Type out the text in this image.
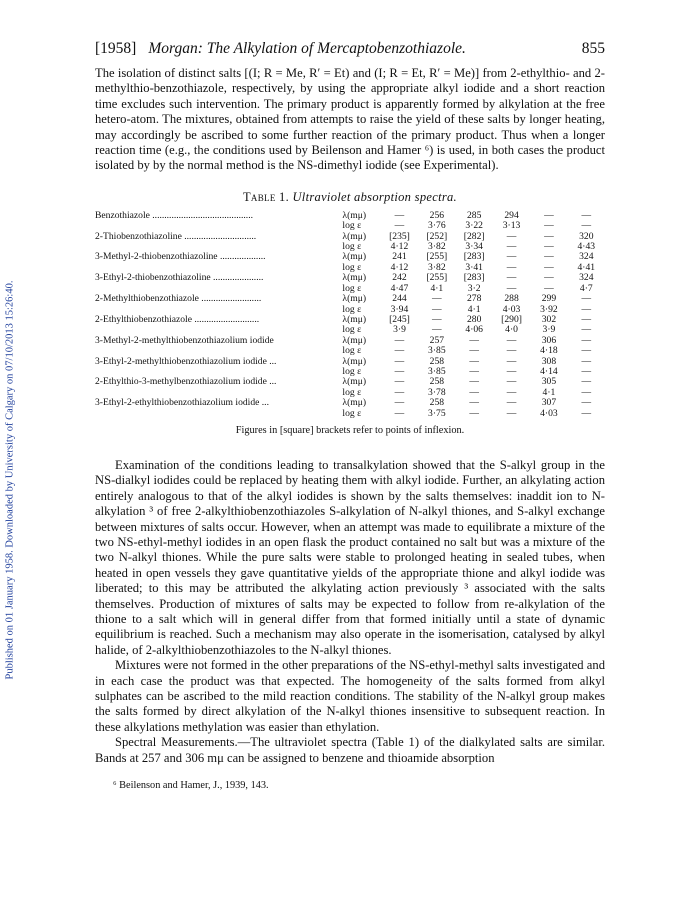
Published on 01 January 1958. Downloaded by University of Calgary on 07/10/2013 15:26:40.
[1958] Morgan: The Alkylation of Mercaptobenzothiazole.	855

The isolation of distinct salts [(I; R = Me, R′ = Et) and (I; R = Et, R′ = Me)] from 2-ethylthio- and 2-methylthio-benzothiazole, respectively, by using the appropriate alkyl iodide and a short reaction time excludes such intervention. The primary product is apparently formed by alkylation at the free hetero-atom. The mixtures, obtained from attempts to raise the yield of these salts by longer heating, may accordingly be ascribed to some further reaction of the primary product. Thus when a longer reaction time (e.g., the conditions used by Beilenson and Hamer ⁶) is used, in both cases the product isolated by by the normal method is the NS-dimethyl iodide (see Experimental).

Table 1. Ultraviolet absorption spectra.
Benzothiazole ..........................................	λ(mμ)	—	256	285	294	—	—
	log ε	—	3·76	3·22	3·13	—	—
2-Thiobenzothiazoline ..............................	λ(mμ)	[235]	[252]	[282]	—	—	320
	log ε	4·12	3·82	3·34	—	—	4·43
3-Methyl-2-thiobenzothiazoline ...................	λ(mμ)	241	[255]	[283]	—	—	324
	log ε	4·12	3·82	3·41	—	—	4·41
3-Ethyl-2-thiobenzothiazoline .....................	λ(mμ)	242	[255]	[283]	—	—	324
	log ε	4·47	4·1	3·2	—	—	4·7
2-Methylthiobenzothiazole .........................	λ(mμ)	244	—	278	288	299	—
	log ε	3·94	—	4·1	4·03	3·92	—
2-Ethylthiobenzothiazole ...........................	λ(mμ)	[245]	—	280	[290]	302	—
	log ε	3·9	—	4·06	4·0	3·9	—
3-Methyl-2-methylthiobenzothiazolium iodide	λ(mμ)	—	257	—	—	306	—
	log ε	—	3·85	—	—	4·18	—
3-Ethyl-2-methylthiobenzothiazolium iodide ...	λ(mμ)	—	258	—	—	308	—
	log ε	—	3·85	—	—	4·14	—
2-Ethylthio-3-methylbenzothiazolium iodide ...	λ(mμ)	—	258	—	—	305	—
	log ε	—	3·78	—	—	4·1	—
3-Ethyl-2-ethylthiobenzothiazolium iodide ...	λ(mμ)	—	258	—	—	307	—
	log ε	—	3·75	—	—	4·03	—
Figures in [square] brackets refer to points of inflexion.

Examination of the conditions leading to transalkylation showed that the S-alkyl group in the NS-dialkyl iodides could be replaced by heating them with alkyl iodide. Further, an alkylating action entirely analogous to that of the alkyl iodides is shown by the salts themselves: inaddit ion to N-alkylation ³ of free 2-alkylthiobenzothiazoles S-alkylation of N-alkyl thiones, and S-alkyl exchange between mixtures of salts occur. However, when an attempt was made to equilibrate a mixture of the two NS-ethyl-methyl iodides in an open flask the product contained no salt but was a mixture of the two N-alkyl thiones. While the pure salts were stable to prolonged heating in sealed tubes, when heated in open vessels they gave quantitative yields of the appropriate thione and alkyl iodide was liberated; to this may be attributed the alkylating action previously ³ associated with the salts themselves. Production of mixtures of salts may be expected to follow from re-alkylation of the thione to a salt which will in general differ from that formed initially until a state of dynamic equilibrium is reached. Such a mechanism may also operate in the isomerisation, catalysed by alkyl halide, of 2-alkylthiobenzothiazoles to the N-alkyl thiones.

Mixtures were not formed in the other preparations of the NS-ethyl-methyl salts investigated and in each case the product was that expected. The homogeneity of the salts formed from alkyl sulphates can be ascribed to the mild reaction conditions. The stability of the N-alkyl group makes the salts formed by direct alkylation of the N-alkyl thiones insensitive to subsequent reaction. In these alkylations methylation was easier than ethylation.

Spectral Measurements.—The ultraviolet spectra (Table 1) of the dialkylated salts are similar. Bands at 257 and 306 mμ can be assigned to benzene and thioamide absorption

⁶ Beilenson and Hamer, J., 1939, 143.
